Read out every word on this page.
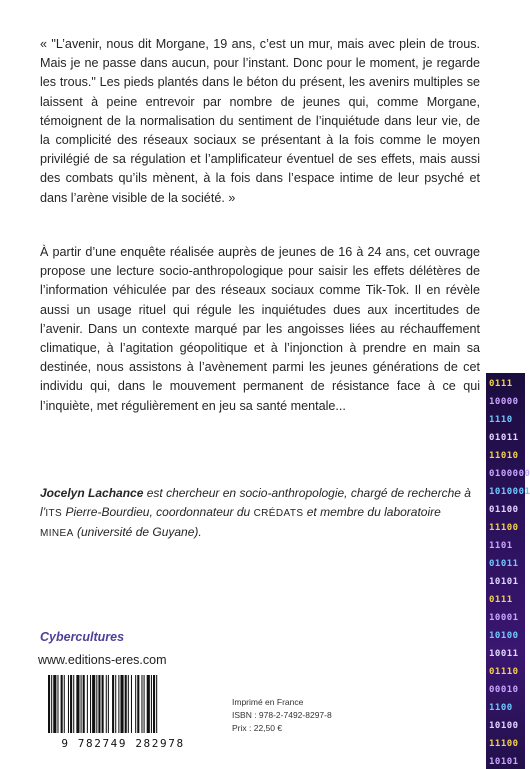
« "L’avenir, nous dit Morgane, 19 ans, c’est un mur, mais avec plein de trous. Mais je ne passe dans aucun, pour l’instant. Donc pour le moment, je regarde les trous." Les pieds plantés dans le béton du présent, les avenirs multiples se laissent à peine entrevoir par nombre de jeunes qui, comme Morgane, témoignent de la normalisation du sentiment de l’inquiétude dans leur vie, de la complicité des réseaux sociaux se présentant à la fois comme le moyen privilégié de sa régulation et l’amplificateur éventuel de ses effets, mais aussi des combats qu’ils mènent, à la fois dans l’espace intime de leur psyché et dans l’arène visible de la société. »

À partir d’une enquête réalisée auprès de jeunes de 16 à 24 ans, cet ouvrage propose une lecture socio-anthropologique pour saisir les effets délétères de l’information véhiculée par des réseaux sociaux comme Tik-Tok. Il en révèle aussi un usage rituel qui régule les inquiétudes dues aux incertitudes de l’avenir. Dans un contexte marqué par les angoisses liées au réchauffement climatique, à l’agitation géopolitique et à l’injonction à prendre en main sa destinée, nous assistons à l’avènement parmi les jeunes générations de cet individu qui, dans le mouvement permanent de résistance face à ce qui l’inquiète, met régulièrement en jeu sa santé mentale...

Jocelyn Lachance est chercheur en socio-anthropologie, chargé de recherche à l’ITS Pierre-Bourdieu, coordonnateur du CRÉDATS et membre du laboratoire MINEA (université de Guyane).

Cybercultures
www.editions-eres.com
9 782749 282978
Imprimé en France
ISBN : 978-2-7492-8297-8
Prix : 22,50 €
0111
10000
1110
01011
11010
0100000
1010001
01100
11100
1101
01011
10101
0111
10001
10100
10011
01110
00010
1100
10100
11100
10101
